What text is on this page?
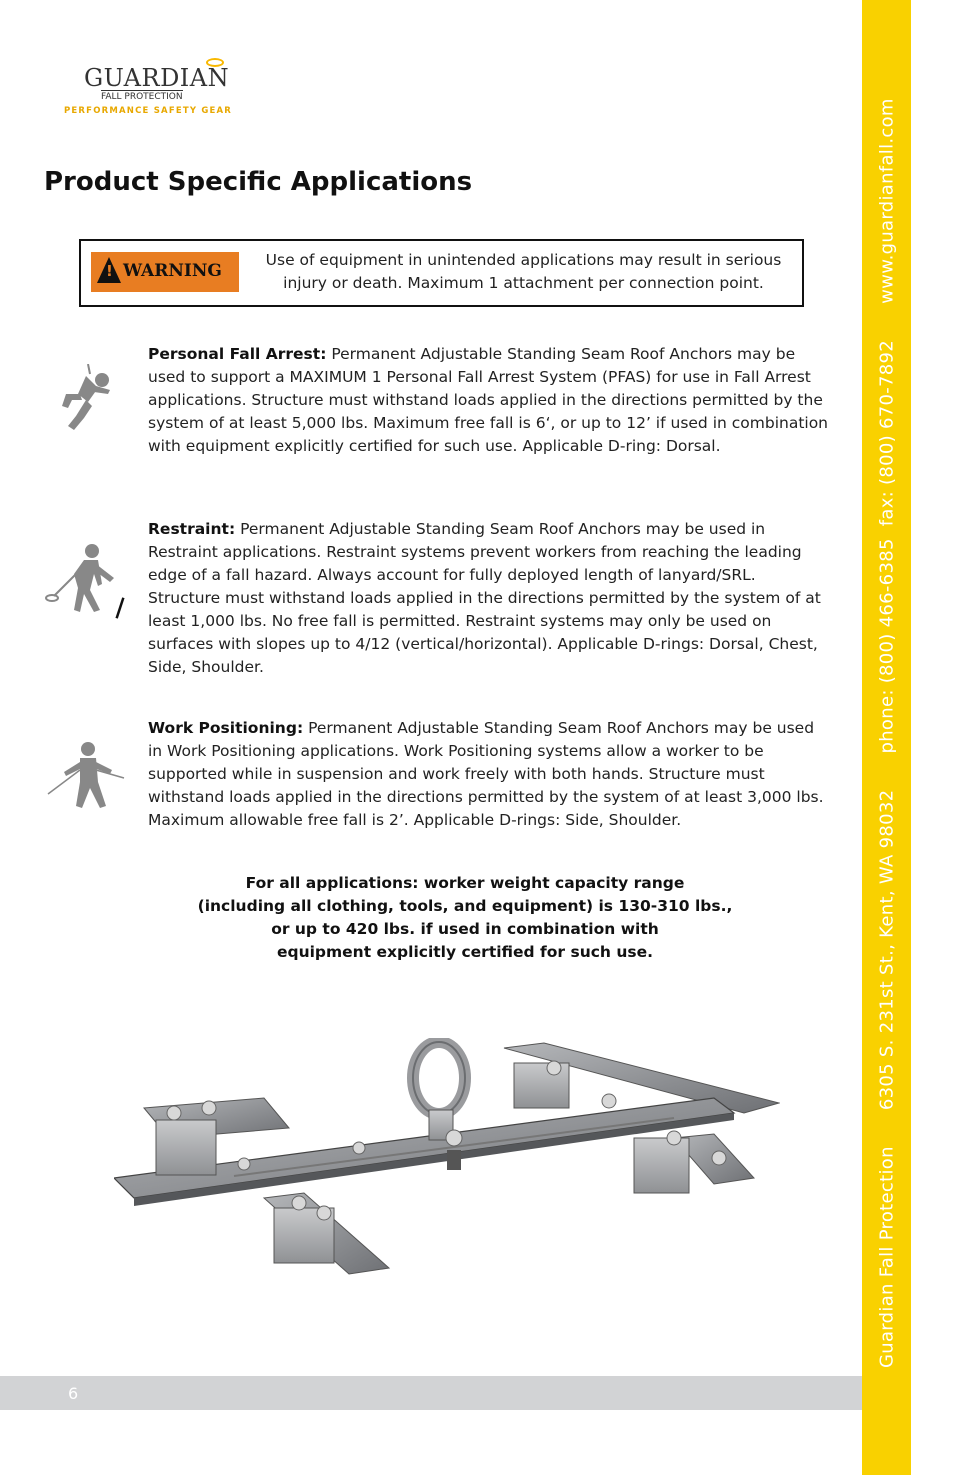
GUARDIAN
FALL PROTECTION
PERFORMANCE SAFETY GEAR
Product Specific Applications
! WARNING
Use of equipment in unintended applications may result in serious injury or death. Maximum 1 attachment per connection point.
Personal Fall Arrest: Permanent Adjustable Standing Seam Roof Anchors may be used to support a MAXIMUM 1 Personal Fall Arrest System (PFAS) for use in Fall Arrest applications. Structure must withstand loads applied in the directions permitted by the system of at least 5,000 lbs. Maximum free fall is 6‘, or up to 12’ if used in combination with equipment explicitly certified for such use. Applicable D-ring: Dorsal.
Restraint: Permanent Adjustable Standing Seam Roof Anchors may be used in Restraint applications. Restraint systems prevent workers from reaching the leading edge of a fall hazard. Always account for fully deployed length of lanyard/SRL. Structure must withstand loads applied in the directions permitted by the system of at least 1,000 lbs. No free fall is permitted. Restraint systems may only be used on surfaces with slopes up to 4/12 (vertical/horizontal). Applicable D-rings: Dorsal, Chest, Side, Shoulder.
Work Positioning: Permanent Adjustable Standing Seam Roof Anchors may be used in Work Positioning applications. Work Positioning systems allow a worker to be supported while in suspension and work freely with both hands. Structure must withstand loads applied in the directions permitted by the system of at least 3,000 lbs. Maximum allowable free fall is 2’. Applicable D-rings: Side, Shoulder.
For all applications: worker weight capacity range
(including all clothing, tools, and equipment) is 130-310 lbs.,
or up to 420 lbs. if used in combination with
equipment explicitly certified for such use.
6
Guardian Fall Protection      6305 S. 231st St., Kent, WA 98032      phone: (800) 466-6385  fax: (800) 670-7892      www.guardianfall.com
